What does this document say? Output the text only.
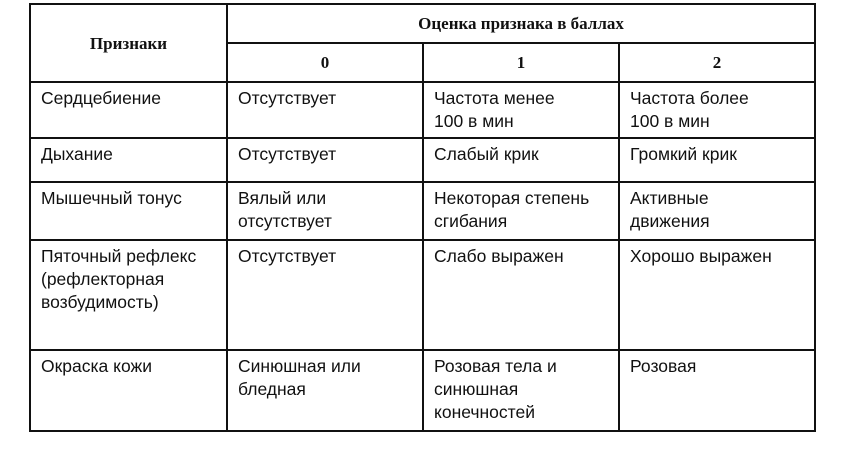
Признаки	Оценка признака в баллах		
	0	1	2
Сердцебиение	Отсутствует	Частота менее 100 в мин	Частота более 100 в мин
Дыхание	Отсутствует	Слабый крик	Громкий крик
Мышечный тонус	Вялый или отсутствует	Некоторая степень сгибания	Активные движения
Пяточный рефлекс (рефлекторная возбудимость)	Отсутствует	Слабо выражен	Хорошо выражен
Окраска кожи	Синюшная или бледная	Розовая тела и синюшная конечностей	Розовая
